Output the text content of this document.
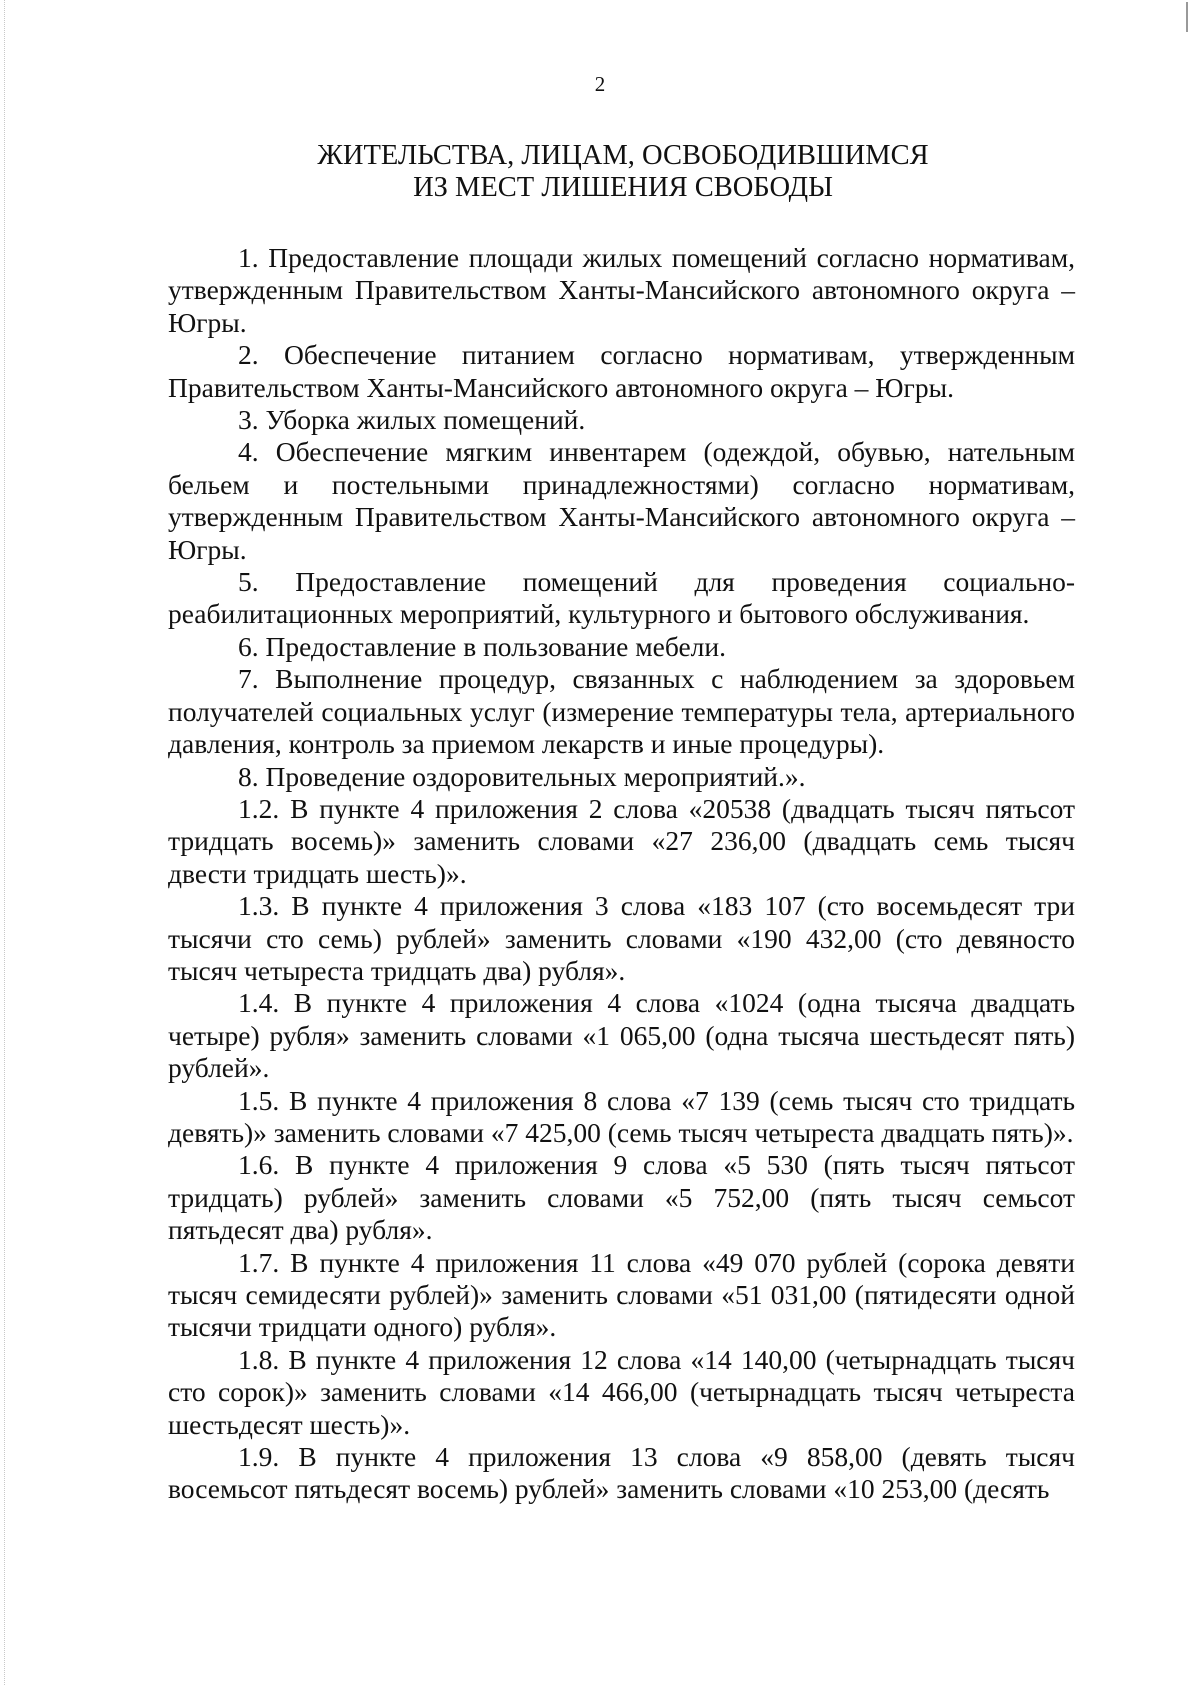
2
ЖИТЕЛЬСТВА, ЛИЦАМ, ОСВОБОДИВШИМСЯ
ИЗ МЕСТ ЛИШЕНИЯ СВОБОДЫ

1. Предоставление площади жилых помещений согласно нормативам, утвержденным Правительством Ханты-Мансийского автономного округа – Югры.

2. Обеспечение питанием согласно нормативам, утвержденным Правительством Ханты-Мансийского автономного округа – Югры.

3. Уборка жилых помещений.

4. Обеспечение мягким инвентарем (одеждой, обувью, нательным бельем и постельными принадлежностями) согласно нормативам, утвержденным Правительством Ханты-Мансийского автономного округа – Югры.

5. Предоставление помещений для проведения социально-реабилитационных мероприятий, культурного и бытового обслуживания.

6. Предоставление в пользование мебели.

7. Выполнение процедур, связанных с наблюдением за здоровьем получателей социальных услуг (измерение температуры тела, артериального давления, контроль за приемом лекарств и иные процедуры).

8. Проведение оздоровительных мероприятий.».

1.2. В пункте 4 приложения 2 слова «20538 (двадцать тысяч пятьсот тридцать восемь)» заменить словами «27 236,00 (двадцать семь тысяч двести тридцать шесть)».

1.3. В пункте 4 приложения 3 слова «183 107 (сто восемьдесят три тысячи сто семь) рублей» заменить словами «190 432,00 (сто девяносто тысяч четыреста тридцать два) рубля».

1.4. В пункте 4 приложения 4 слова «1024 (одна тысяча двадцать четыре) рубля» заменить словами «1 065,00 (одна тысяча шестьдесят пять) рублей».

1.5. В пункте 4 приложения 8 слова «7 139 (семь тысяч сто тридцать девять)» заменить словами «7 425,00 (семь тысяч четыреста двадцать пять)».

1.6. В пункте 4 приложения 9 слова «5 530 (пять тысяч пятьсот тридцать) рублей» заменить словами «5 752,00 (пять тысяч семьсот пятьдесят два) рубля».

1.7. В пункте 4 приложения 11 слова «49 070 рублей (сорока девяти тысяч семидесяти рублей)» заменить словами «51 031,00 (пятидесяти одной тысячи тридцати одного) рубля».

1.8. В пункте 4 приложения 12 слова «14 140,00 (четырнадцать тысяч сто сорок)» заменить словами «14 466,00 (четырнадцать тысяч четыреста шестьдесят шесть)».

1.9. В пункте 4 приложения 13 слова «9 858,00 (девять тысяч восемьсот пятьдесят восемь) рублей» заменить словами «10 253,00 (десять
